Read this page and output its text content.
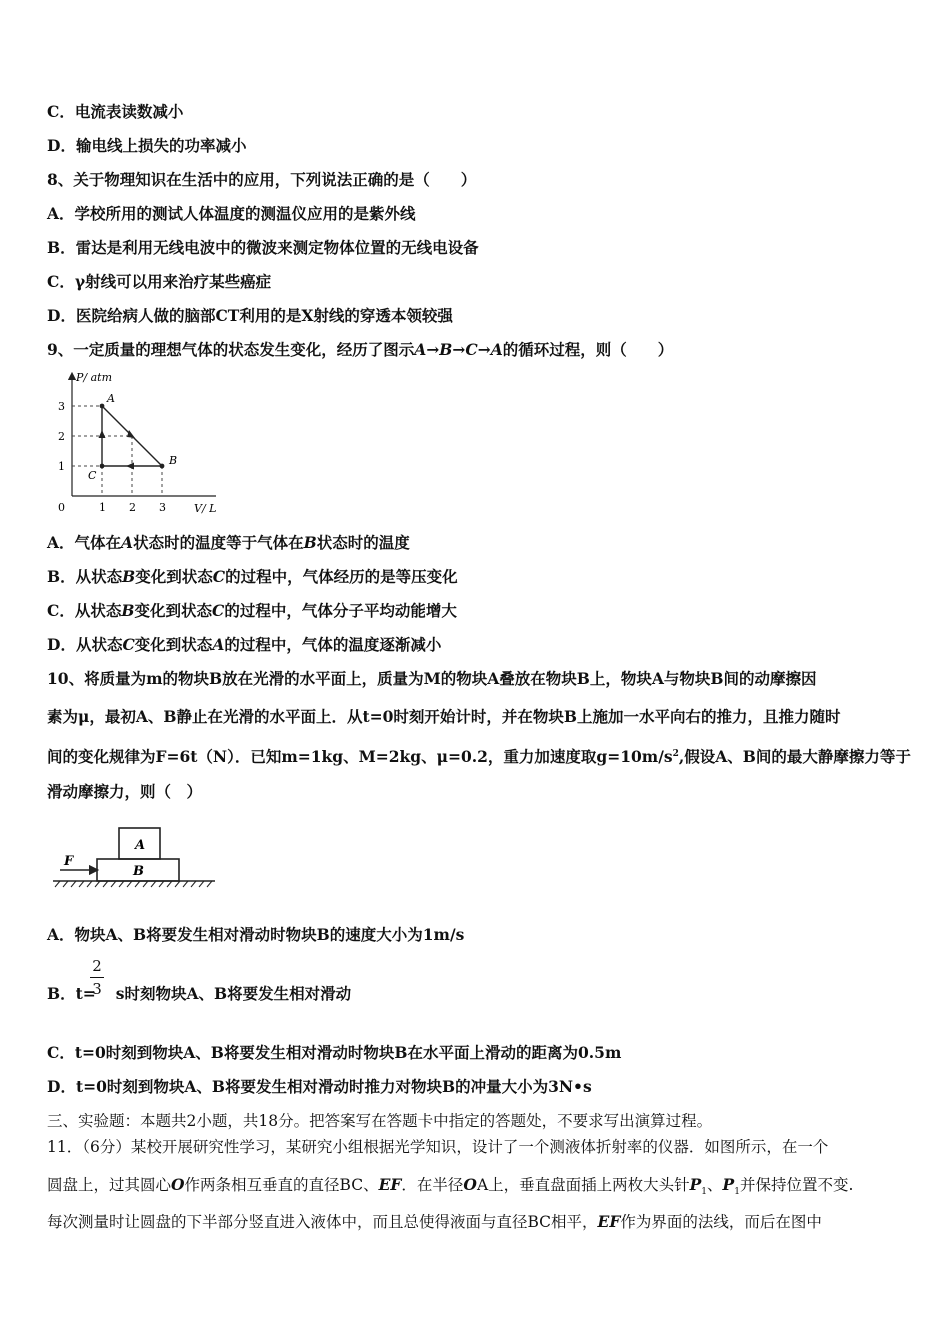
C．电流表读数减小
D．输电线上损失的功率减小
8、关于物理知识在生活中的应用，下列说法正确的是（　　）
A．学校所用的测试人体温度的测温仪应用的是紫外线
B．雷达是利用无线电波中的微波来测定物体位置的无线电设备
C．γ射线可以用来治疗某些癌症
D．医院给病人做的脑部CT利用的是X射线的穿透本领较强
9、一定质量的理想气体的状态发生变化，经历了图示A→B→C→A的循环过程，则（　　）
P/ atm
V/ L
0	1 2 3
1
2
3
A
B
C
A．气体在A状态时的温度等于气体在B状态时的温度
B．从状态B变化到状态C的过程中，气体经历的是等压变化
C．从状态B变化到状态C的过程中，气体分子平均动能增大
D．从状态C变化到状态A的过程中，气体的温度逐渐减小
10、将质量为m的物块B放在光滑的水平面上，质量为M的物块A叠放在物块B上，物块A与物块B间的动摩擦因
素为μ，最初A、B静止在光滑的水平面上．从t=0时刻开始计时，并在物块B上施加一水平向右的推力，且推力随时
间的变化规律为F=6t（N）．已知m=1kg、M=2kg、μ=0.2，重力加速度取$g=10m/s^2$,假设A、B间的最大静摩擦力等于
滑动摩擦力，则（　）
F
A
B
A．物块A、B将要发生相对滑动时物块B的速度大小为1m/s
B．t= s时刻物块A、B将要发生相对滑动
2
3
C．t=0时刻到物块A、B将要发生相对滑动时物块B在水平面上滑动的距离为0.5m
D．t=0时刻到物块A、B将要发生相对滑动时推力对物块B的冲量大小为3N•s
三、实验题：本题共2小题，共18分。把答案写在答题卡中指定的答题处，不要求写出演算过程。
11．（6分）某校开展研究性学习，某研究小组根据光学知识，设计了一个测液体折射率的仪器．如图所示，在一个
圆盘上，过其圆心O作两条相互垂直的直径BC、EF．在半径OA上，垂直盘面插上两枚大头针$P_1$、$P_1$并保持位置不变.
每次测量时让圆盘的下半部分竖直进入液体中，而且总使得液面与直径BC相平，EF作为界面的法线，而后在图中
